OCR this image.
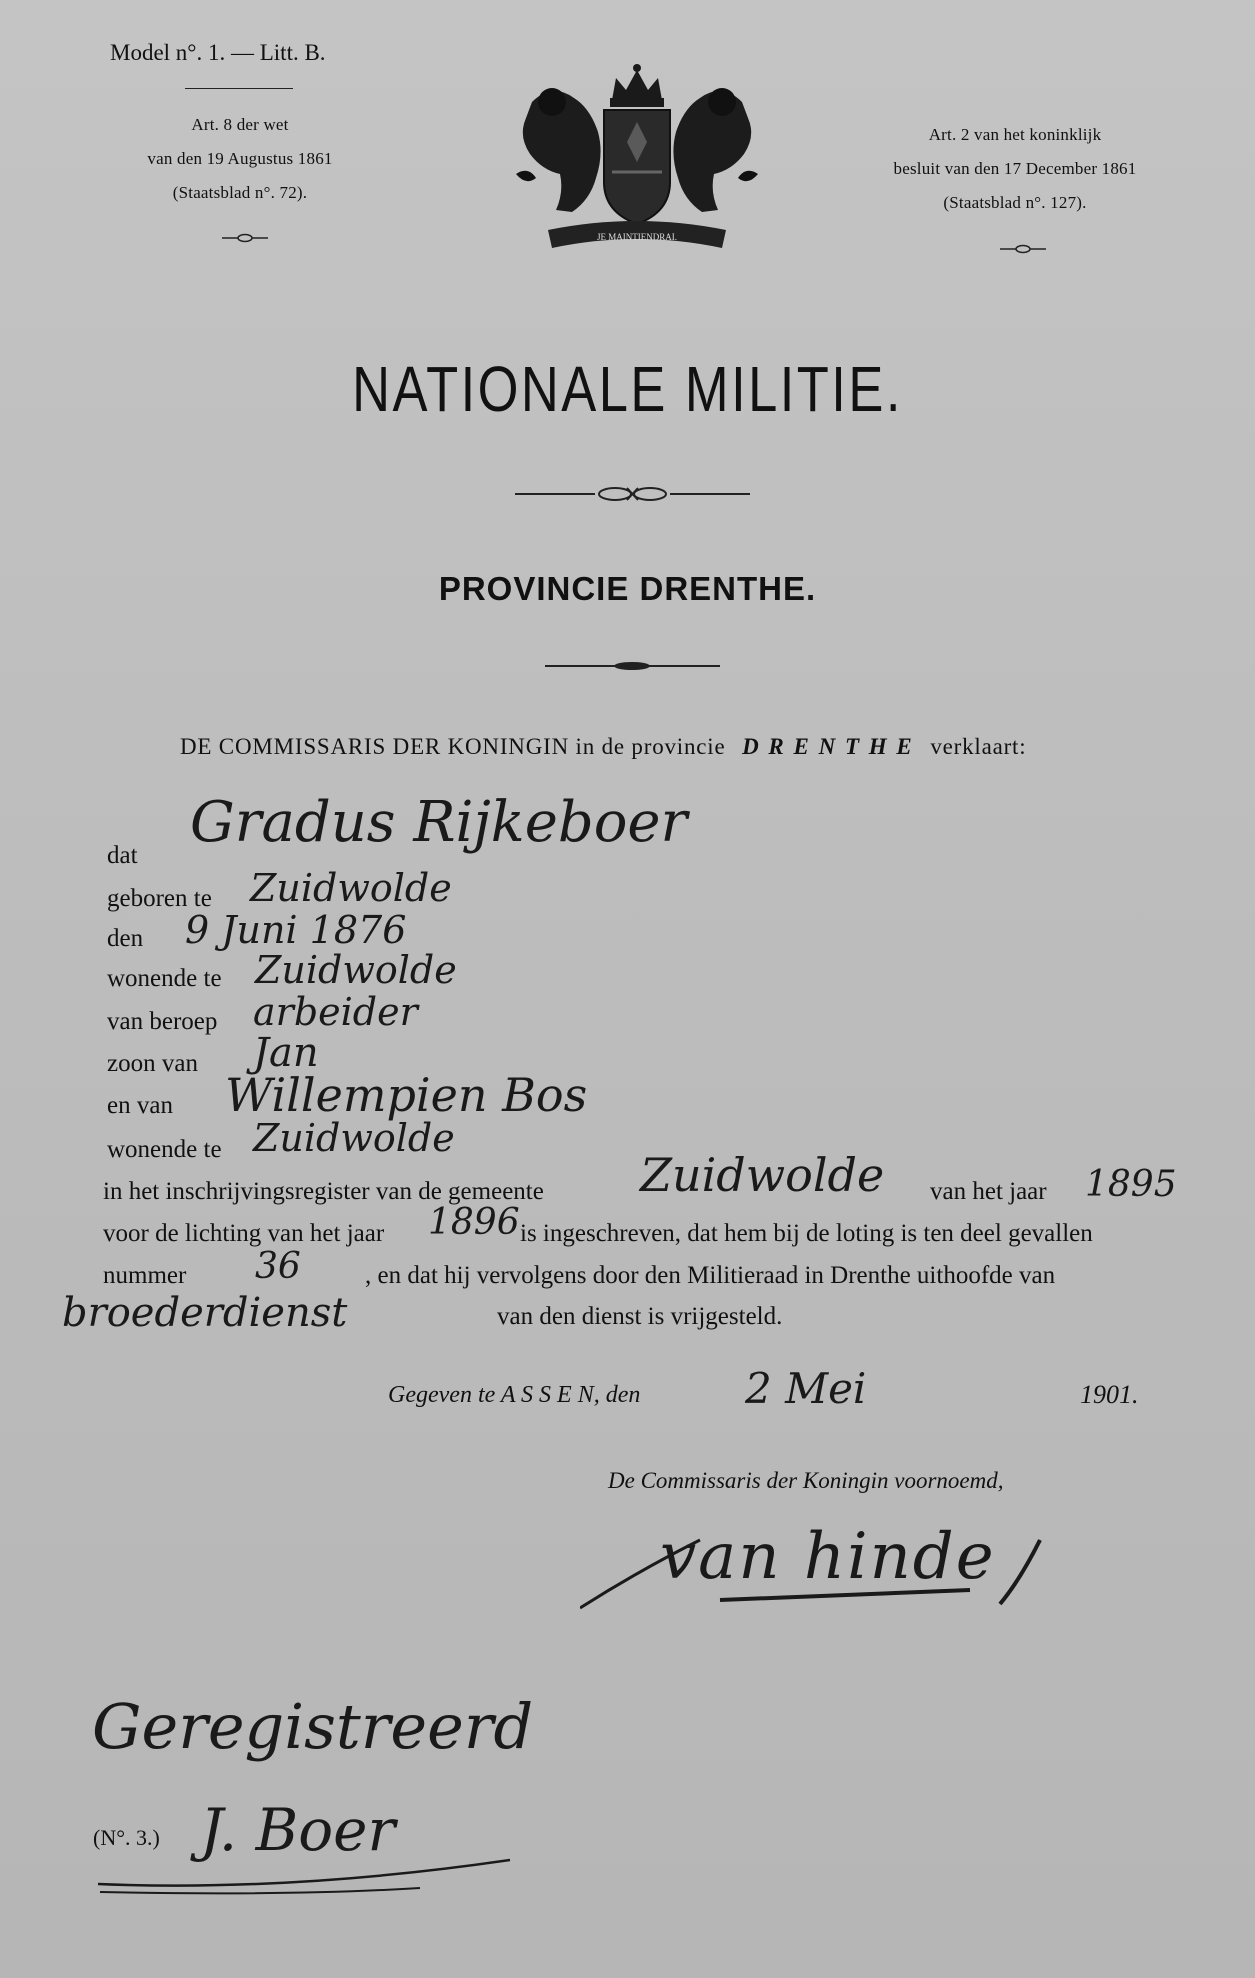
Model n°. 1. — Litt. B.
Art. 8 der wet
van den 19 Augustus 1861
(Staatsblad n°. 72).
JE MAINTIENDRAI.
Art. 2 van het koninklijk
besluit van den 17 December 1861
(Staatsblad n°. 127).
NATIONALE MILITIE.
PROVINCIE DRENTHE.
DE COMMISSARIS DER KONINGIN in de provincie D R E N T H E verklaart:
dat
Gradus Rijkeboer
geboren te Zuidwolde
den 9 Juni 1876
wonende te Zuidwolde
van beroep arbeider
zoon van Jan
en van Willempien Bos
wonende te Zuidwolde
in het inschrijvingsregister van de gemeente Zuidwolde van het jaar 1895
voor de lichting van het jaar 1896 is ingeschreven, dat hem bij de loting is ten deel gevallen
nummer 36	, en dat hij vervolgens door den Militieraad in Drenthe uithoofde van
broederdienst	van den dienst is vrijgesteld.
Gegeven te A S S E N, den 2 Mei	1901.
De Commissaris der Koningin voornoemd,
van hinde
Geregistreerd
(N°. 3.) J. Boer
